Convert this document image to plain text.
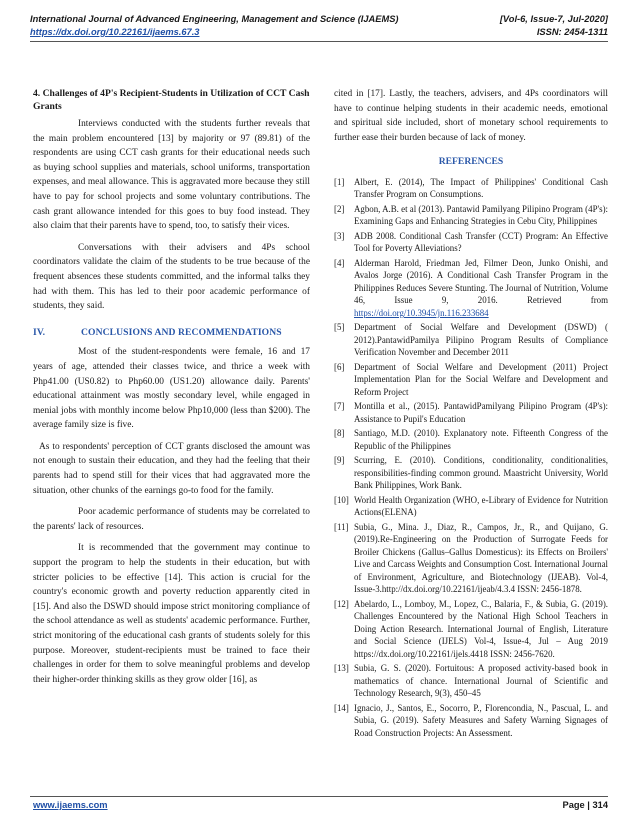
International Journal of Advanced Engineering, Management and Science (IJAEMS)	[Vol-6, Issue-7, Jul-2020]
https://dx.doi.org/10.22161/ijaems.67.3	ISSN: 2454-1311
4. Challenges of 4P's Recipient-Students in Utilization of CCT Cash Grants

Interviews conducted with the students further reveals that the main problem encountered [13] by majority or 97 (89.81) of the respondents are using CCT cash grants for their educational needs such as buying school supplies and materials, school uniforms, transportation expenses, and meal allowance. This is aggravated more because they still have to pay for school projects and some voluntary contributions. The cash grant allowance intended for this goes to buy food instead. They also claim that their parents have to spend, too, to satisfy their vices.

Conversations with their advisers and 4Ps school coordinators validate the claim of the students to be true because of the frequent absences these students committed, and the informal talks they had with them. This has led to their poor academic performance of students, they said.

IV.	CONCLUSIONS AND RECOMMENDATIONS

Most of the student-respondents were female, 16 and 17 years of age, attended their classes twice, and thrice a week with Php41.00 (US0.82) to Php60.00 (US1.20) allowance daily. Parents' educational attainment was mostly secondary level, while engaged in menial jobs with monthly income below Php10,000 (less than $200). The average family size is five.

As to respondents' perception of CCT grants disclosed the amount was not enough to sustain their education, and they had the feeling that their parents had to spend still for their vices that had aggravated more the situation, other chunks of the earnings go-to food for the family.

Poor academic performance of students may be correlated to the parents' lack of resources.

It is recommended that the government may continue to support the program to help the students in their education, but with stricter policies to be effective [14]. This action is crucial for the country's economic growth and poverty reduction apparently cited in [15]. And also the DSWD should impose strict monitoring compliance of the school attendance as well as students' academic performance. Further, strict monitoring of the educational cash grants of students solely for this purpose. Moreover, student-recipients must be trained to face their challenges in order for them to solve meaningful problems and develop their higher-order thinking skills as they grow older [16], as

cited in [17]. Lastly, the teachers, advisers, and 4Ps coordinators will have to continue helping students in their academic needs, emotional and spiritual side included, short of monetary school requirements to further ease their burden because of lack of money.

REFERENCES
[1]	Albert, E. (2014), The Impact of Philippines' Conditional Cash Transfer Program on Consumptions.
[2]	Agbon, A.B. et al (2013). Pantawid Pamilyang Pilipino Program (4P's): Examining Gaps and Enhancing Strategies in Cebu City, Philippines
[3]	ADB 2008. Conditional Cash Transfer (CCT) Program: An Effective Tool for Poverty Alleviations?
[4]	Alderman Harold, Friedman Jed, Filmer Deon, Junko Onishi, and Avalos Jorge (2016). A Conditional Cash Transfer Program in the Philippines Reduces Severe Stunting. The Journal of Nutrition, Volume 46, Issue 9, 2016. Retrieved from https://doi.org/10.3945/jn.116.233684
[5]	Department of Social Welfare and Development (DSWD) ( 2012).PantawidPamilya Pilipino Program Results of Compliance Verification November and December 2011
[6]	Department of Social Welfare and Development (2011) Project Implementation Plan for the Social Welfare and Development and Reform Project
[7]	Montilla et al., (2015). PantawidPamilyang Pilipino Program (4P's): Assistance to Pupil's Education
[8]	Santiago, M.D. (2010). Explanatory note. Fifteenth Congress of the Republic of the Philippines
[9]	Scurring, E. (2010). Conditions, conditionality, conditionalities, responsibilities-finding common ground. Maastricht University, World Bank Philippines, Work Bank.
[10] World Health Organization (WHO, e-Library of Evidence for Nutrition Actions(ELENA)
[11] Subia, G., Mina. J., Diaz, R., Campos, Jr., R., and Quijano, G. (2019).Re-Engineering on the Production of Surrogate Feeds for Broiler Chickens (Gallus–Gallus Domesticus): its Effects on Broilers' Live and Carcass Weights and Consumption Cost. International Journal of Environment, Agriculture, and Biotechnology (IJEAB). Vol-4, Issue-3.http://dx.doi.org/10.22161/ijeab/4.3.4 ISSN: 2456-1878.
[12] Abelardo, L., Lomboy, M., Lopez, C., Balaria, F., & Subia, G. (2019). Challenges Encountered by the National High School Teachers in Doing Action Research. International Journal of English, Literature and Social Science (IJELS) Vol-4, Issue-4, Jul – Aug 2019 https://dx.doi.org/10.22161/ijels.4418 ISSN: 2456-7620.
[13] Subia, G. S. (2020). Fortuitous: A proposed activity-based book in mathematics of chance. International Journal of Scientific and Technology Research, 9(3), 450–45
[14] Ignacio, J., Santos, E., Socorro, P., Florencondia, N., Pascual, L. and Subia, G. (2019). Safety Measures and Safety Warning Signages of Road Construction Projects: An Assessment.
www.ijaems.com	Page | 314
